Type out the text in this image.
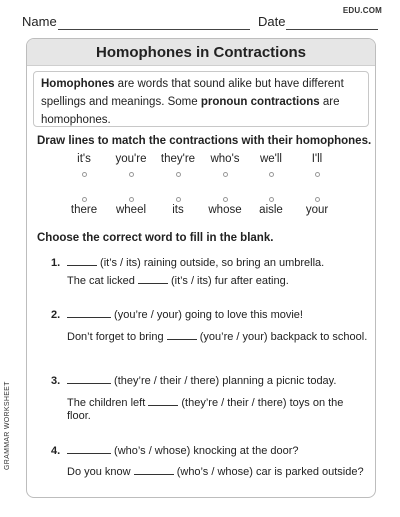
Name	Date
EDU.COM
Homophones in Contractions
Homophones are words that sound alike but have different spellings and meanings. Some pronoun contractions are homophones.
Draw lines to match the contractions with their homophones.
it's	you're	they're	who's	we'll	I'll
there	wheel	its	whose	aisle	your
Choose the correct word to fill in the blank.
1.	(it’s / its) raining outside, so bring an umbrella.
The cat licked	(it’s / its) fur after eating.
2.	(you’re / your) going to love this movie!
Don’t forget to bring	(you’re / your) backpack to school.
3.	(they’re / their / there) planning a picnic today.
The children left	(they’re / their / there) toys on the
floor.
4.	(who’s / whose) knocking at the door?
Do you know	(who’s / whose) car is parked outside?
GRAMMAR WORKSHEET
